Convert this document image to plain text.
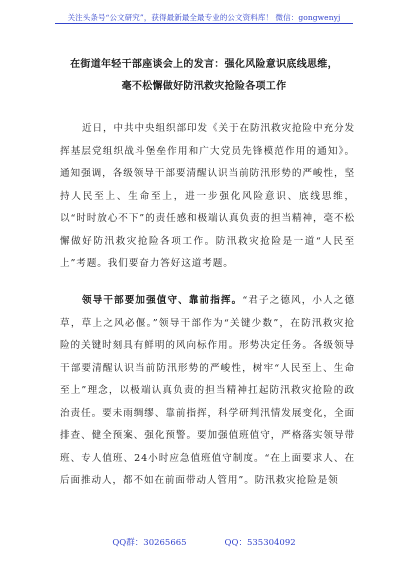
关注头条号“公文研究”，获得最新最全最专业的公文资料库！ 微信：gongwenyj
在街道年轻干部座谈会上的发言：强化风险意识底线思维，
毫不松懈做好防汛救灾抢险各项工作

近日，中共中央组织部印发《关于在防汛救灾抢险中充分发挥基层党组织战斗堡垒作用和广大党员先锋模范作用的通知》。通知强调，各级领导干部要清醒认识当前防汛形势的严峻性，坚持人民至上、生命至上，进一步强化风险意识、底线思维，以“时时放心不下”的责任感和极端认真负责的担当精神，毫不松懈做好防汛救灾抢险各项工作。防汛救灾抢险是一道“人民至上”考题。我们要奋力答好这道考题。

领导干部要加强值守、靠前指挥。“君子之德风，小人之德草，草上之风必偃。”领导干部作为“关键少数”，在防汛救灾抢险的关键时刻具有鲜明的风向标作用。形势决定任务。各级领导干部要清醒认识当前防汛形势的严峻性，树牢“人民至上、生命至上”理念，以极端认真负责的担当精神扛起防汛救灾抢险的政治责任。要未雨绸缪、靠前指挥，科学研判汛情发展变化，全面排查、健全预案、强化预警。要加强值班值守，严格落实领导带班、专人值班、24小时应急值班值守制度。“在上面要求人、在后面推动人，都不如在前面带动人管用”。防汛救灾抢险是领

QQ群：30265665	QQ：535304092
